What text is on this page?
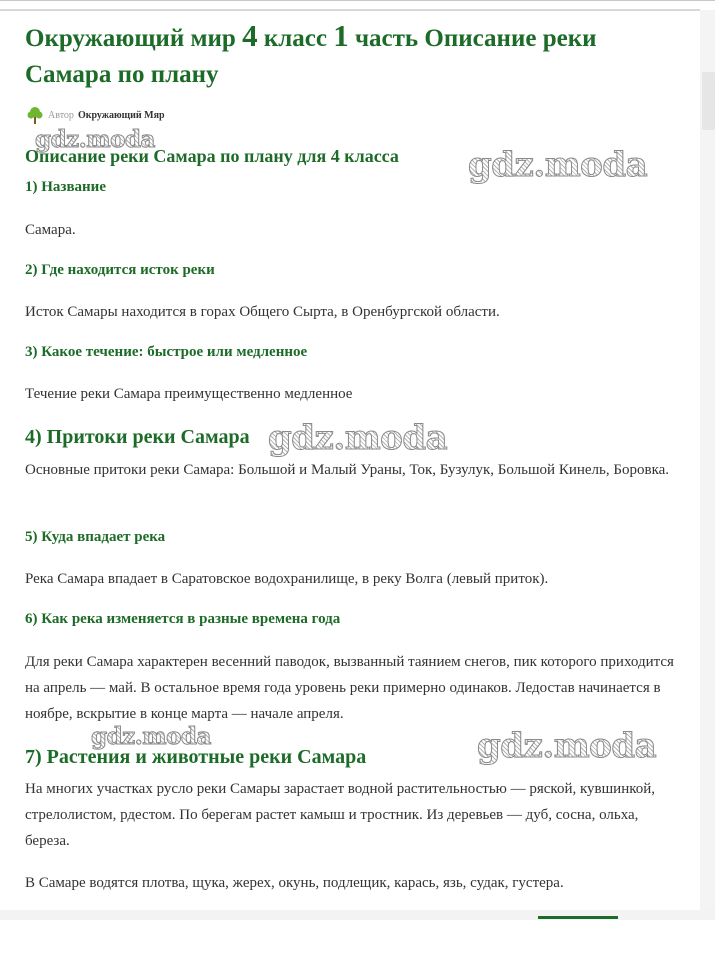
Окружающий мир 4 класс 1 часть Описание реки Самара по плану
Автор Окружающий Мяр
gdz.moda
Описание реки Самара по плану для 4 класса gdz.moda
1) Название

Самара.

2) Где находится исток реки

Исток Самары находится в горах Общего Сырта, в Оренбургской области.

3) Какое течение: быстрое или медленное

Течение реки Самара преимущественно медленное

4) Притоки реки Самара gdz.moda

Основные притоки реки Самара: Большой и Малый Ураны, Ток, Бузулук, Большой Кинель, Боровка.

5) Куда впадает река

Река Самара впадает в Саратовское водохранилище, в реку Волга (левый приток).

6) Как река изменяется в разные времена года

Для реки Самара характерен весенний паводок, вызванный таянием снегов, пик которого приходится на апрель — май. В остальное время года уровень реки примерно одинаков. Ледостав начинается в ноябре, вскрытие в конце марта — начале апреля.

gdz.moda
7) Растения и животные реки Самара	gdz.moda

На многих участках русло реки Самары зарастает водной растительностью — ряской, кувшинкой, стрелолистом, рдестом. По берегам растет камыш и тростник. Из деревьев — дуб, сосна, ольха, береза.

В Самаре водятся плотва, щука, жерех, окунь, подлещик, карась, язь, судак, густера.
